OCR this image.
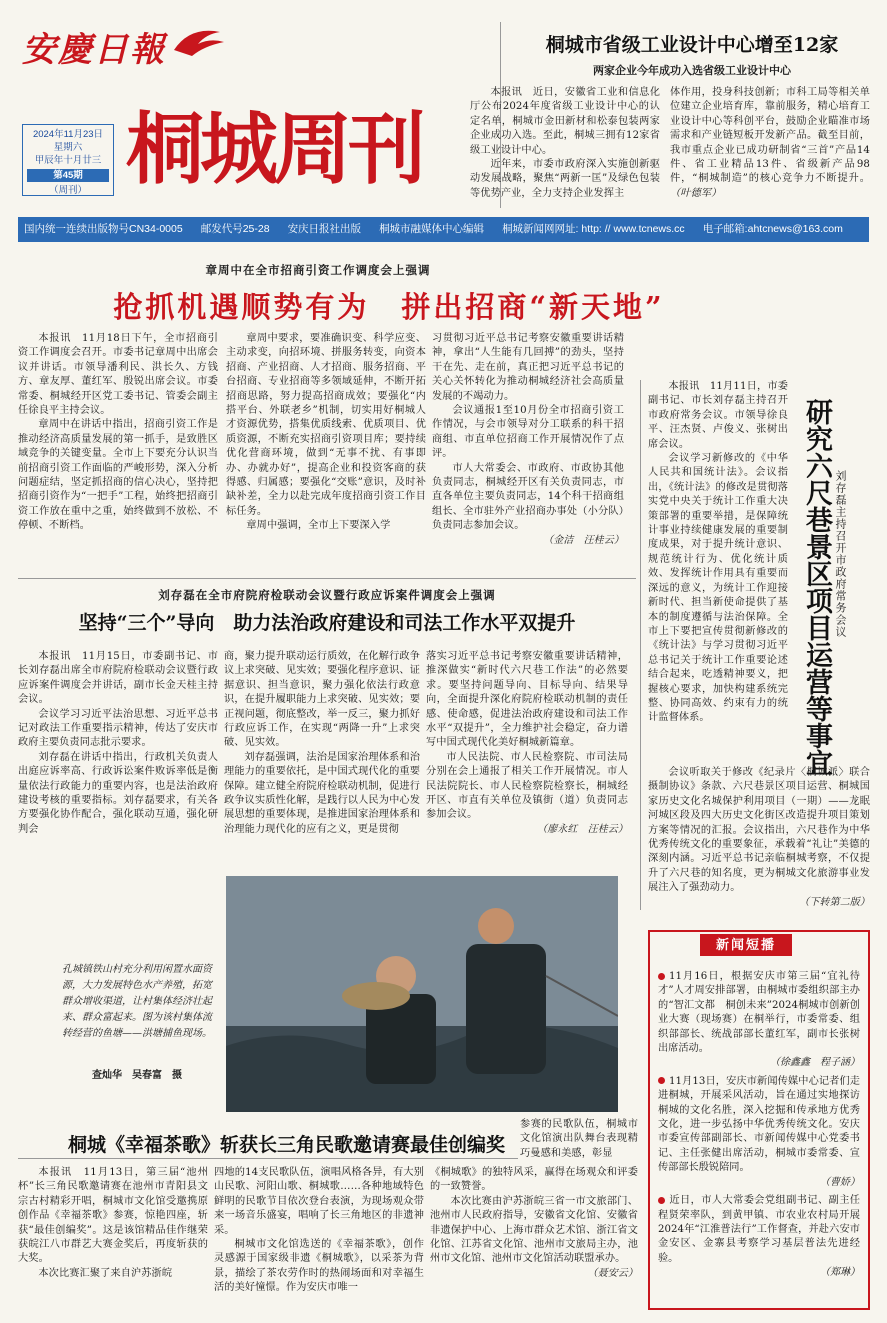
安慶日報
2024年11月23日
星期六
甲辰年十月廿三
第45期
（周刊） 桐城周刊
桐城市省级工业设计中心增至12家
两家企业今年成功入选省级工业设计中心
本报讯　近日，安徽省工业和信息化厅公布2024年度省级工业设计中心的认定名单，桐城市金田新材和松泰包装两家企业成功入选。至此，桐城三拥有12家省级工业设计中心。
近年来，市委市政府深入实施创新驱动发展战略，聚焦“两新一匡”及绿色包装等优势产业，全力支持企业发挥主
体作用，投身科技创新；市科工局等相关单位建立企业培育库，靠前服务，精心培育工业设计中心等科创平台，鼓励企业瞄准市场需求和产业链短板开发新产品。截至目前，我市重点企业已成功研制省“三首”产品14件、省工业精品13件、省级新产品98件，“桐城制造”的核心竞争力不断提升。 （叶德军）
国内统一连续出版物号CN34-0005 邮发代号25-28 安庆日报社出版 桐城市融媒体中心编辑 桐城新闻网网址: http: // www.tcnews.cc 电子邮箱:ahtcnews@163.com
章周中在全市招商引资工作调度会上强调
抢抓机遇顺势有为　拼出招商“新天地”
本报讯　11月18日下午，全市招商引资工作调度会召开。市委书记章周中出席会议并讲话。市领导潘利民、洪长久、方钱方、章友厚、董红军、殷锐出席会议。市委常委、桐城经开区党工委书记、管委会副主任徐良平主持会议。
章周中在讲话中指出，招商引资工作是推动经济高质量发展的第一抓手，是致胜区域竞争的关键变量。全市上下要充分认识当前招商引资工作面临的严峻形势，深入分析问题症结，坚定抓招商的信心决心，坚持把招商引资作为“一把手”工程，始终把招商引资工作放在重中之重，始终做到不放松、不停顿、不断档。
章周中要求，要准确识变、科学应变、主动求变，向招环境、拼服务转变，向资本招商、产业招商、人才招商、服务招商、平台招商、专业招商等多领域延伸，不断开拓招商思路，努力提高招商成效；要强化“内搭平台、外联老乡”机制，切实用好桐城人才资源优势，搭集优质线索、优质项目、优质资源，不断充实招商引资项目库；要持续优化营商环境，做到“无事不扰、有事即办、办就办好”，提高企业和投资客商的获得感、归属感；要强化“交账”意识，及时补缺补差，全力以赴完成年度招商引资工作目标任务。
章周中强调，全市上下要深入学
习贯彻习近平总书记考察安徽重要讲话精神，拿出“人生能有几回搏”的劲头，坚持干在先、走在前，真正把习近平总书记的关心关怀转化为推动桐城经济社会高质量发展的不竭动力。
会议通报1至10月份全市招商引资工作情况，与会市领导对分工联系的科干招商组、市直单位招商工作开展情况作了点评。
市人大常委会、市政府、市政协其他负责同志，桐城经开区有关负责同志，市直各单位主要负责同志，14个科干招商组组长、全市驻外产业招商办事处（小分队）负责同志参加会议。
（金洁　汪桂云）
刘存磊在全市府院府检联动会议暨行政应诉案件调度会上强调
坚持“三个”导向　助力法治政府建设和司法工作水平双提升
本报讯　11月15日，市委副书记、市长刘存磊出席全市府院府检联动会议暨行政应诉案件调度会并讲话，副市长金天桂主持会议。
会议学习习近平法治思想、习近平总书记对政法工作重要指示精神，传达了安庆市政府主要负责同志批示要求。
刘存磊在讲话中指出，行政机关负责人出庭应诉率高、行政诉讼案件败诉率低是衡量依法行政能力的重要内容，也是法治政府建设考核的重要指标。刘存磊要求，有关各方要强化协作配合，强化联动互通，强化研判会
商，聚力提升联动运行质效，在化解行政争议上求突破、见实效；要强化程序意识、证据意识、担当意识，聚力强化依法行政意识，在提升履职能力上求突破、见实效；要正视问题，彻底整改，举一反三，聚力抓好行政应诉工作，在实现“两降一升”上求突破、见实效。
刘存磊强调，法治是国家治理体系和治理能力的重要依托，是中国式现代化的重要保障。建立健全府院府检联动机制，促进行政争议实质性化解，是践行以人民为中心发展思想的重要体现，是推进国家治理体系和治理能力现代化的应有之义，更是贯彻
落实习近平总书记考察安徽重要讲话精神，推深做实“新时代六尺巷工作法”的必然要求。要坚持问题导向、目标导向、结果导向，全面提升深化府院府检联动机制的责任感、使命感，促进法治政府建设和司法工作水平“双提升”，全力维护社会稳定，奋力谱写中国式现代化美好桐城新篇章。
市人民法院、市人民检察院、市司法局分别在会上通报了相关工作开展情况。市人民法院院长、市人民检察院检察长，桐城经开区、市直有关单位及镇街（道）负责同志参加会议。
（廖永红　汪桂云）
本报讯　11月11日，市委副书记、市长刘存磊主持召开市政府常务会议。市领导徐良平、汪杰贤、卢俊义、张树出席会议。
会议学习新修改的《中华人民共和国统计法》。会议指出，《统计法》的修改是贯彻落实党中央关于统计工作重大决策部署的重要举措，是保障统计事业持续健康发展的重要制度成果，对于提升统计意识、规范统计行为、优化统计质效、发挥统计作用具有重要而深远的意义，为统计工作迎接新时代、担当新使命提供了基本的制度遵循与法治保障。全市上下要把宣传贯彻新修改的《统计法》与学习贯彻习近平总书记关于统计工作重要论述结合起来，吃透精神要义，把握核心要求，加快构建系统完整、协同高效、约束有力的统计监督体系。	研究六尺巷景区项目运营等事宜 刘存磊主持召开市政府常务会议
会议听取关于修改《纪录片〈桐城派〉联合摄制协议》条款、六尺巷景区项目运营、桐城国家历史文化名城保护利用项目（一期）——龙眠河城区段及四大历史文化街区改造提升项目策划方案等情况的汇报。会议指出，六尺巷作为中华优秀传统文化的重要象征，承载着“礼让”美德的深刻内涵。习近平总书记亲临桐城考察，不仅提升了六尺巷的知名度，更为桐城文化旅游事业发展注入了强劲动力。
（下转第二版）
孔城镇铁山村充分利用闲置水面资源，大力发展特色水产养殖，拓宽群众增收渠道，让村集体经济壮起来、群众富起来。图为该村集体流转经营的鱼塘——洪塘捕鱼现场。
查灿华　吴春富　摄
参赛的民歌队伍，桐城市文化馆演出队舞台表现精巧曼感和美感，彰显
桐城《幸福茶歌》斩获长三角民歌邀请赛最佳创编奖
本报讯　11月13日，第三届“池州杯”长三角民歌邀请赛在池州市青阳县文宗古村精彩开唱，桐城市文化馆受邀携原创作品《幸福茶歌》参赛，惊艳四座，斩获“最佳创编奖”。这是该馆精品佳作继荣获皖江八市群艺大赛金奖后，再度斩获的大奖。
本次比赛汇聚了来自沪苏浙皖
四地的14支民歌队伍，演唱风格各异，有大别山民歌、河阳山歌、桐城歌……各种地域特色鲜明的民歌节目依次登台表演，为现场观众带来一场音乐盛宴，唱响了长三角地区的非遗神采。
桐城市文化馆选送的《幸福茶歌》，创作灵感源于国家级非遗《桐城歌》，以采茶为背景，描绘了茶农劳作时的热闹场面和对幸福生活的美好憧憬。作为安庆市唯一
《桐城歌》的独特风采，赢得在场观众和评委的一致赞誉。
本次比赛由沪苏浙皖三省一市文旅部门、池州市人民政府指导，安徽省文化馆、安徽省非遗保护中心、上海市群众艺术馆、浙江省文化馆、江苏省文化馆、池州市文旅局主办，池州市文化馆、池州市文化馆活动联盟承办。
（聂安云）
11月16日，根据安庆市第三届“宜礼待才”人才周安排部署，由桐城市委组织部主办的“智汇文都　桐创未来”2024桐城市创新创业大赛（现场赛）在桐举行，市委常委、组织部部长、统战部部长董红军，副市长张树出席活动。
（徐鑫鑫　程子涵）
11月13日，安庆市新闻传媒中心记者们走进桐城，开展采风活动，旨在通过实地探访桐城的文化名胜，深入挖掘和传承地方优秀文化，进一步弘扬中华优秀传统文化。安庆市委宣传部副部长、市新闻传媒中心党委书记、主任张健出席活动，桐城市委常委、宣传部部长殷锐陪同。
（曹娇）
近日，市人大常委会党组副书记、副主任程贤荣率队，到黄甲镇、市农业农村局开展2024年“江淮普法行”工作督查，并赴六安市金安区、金寨县考察学习基层普法先进经验。
（郑琳）
新闻短播
